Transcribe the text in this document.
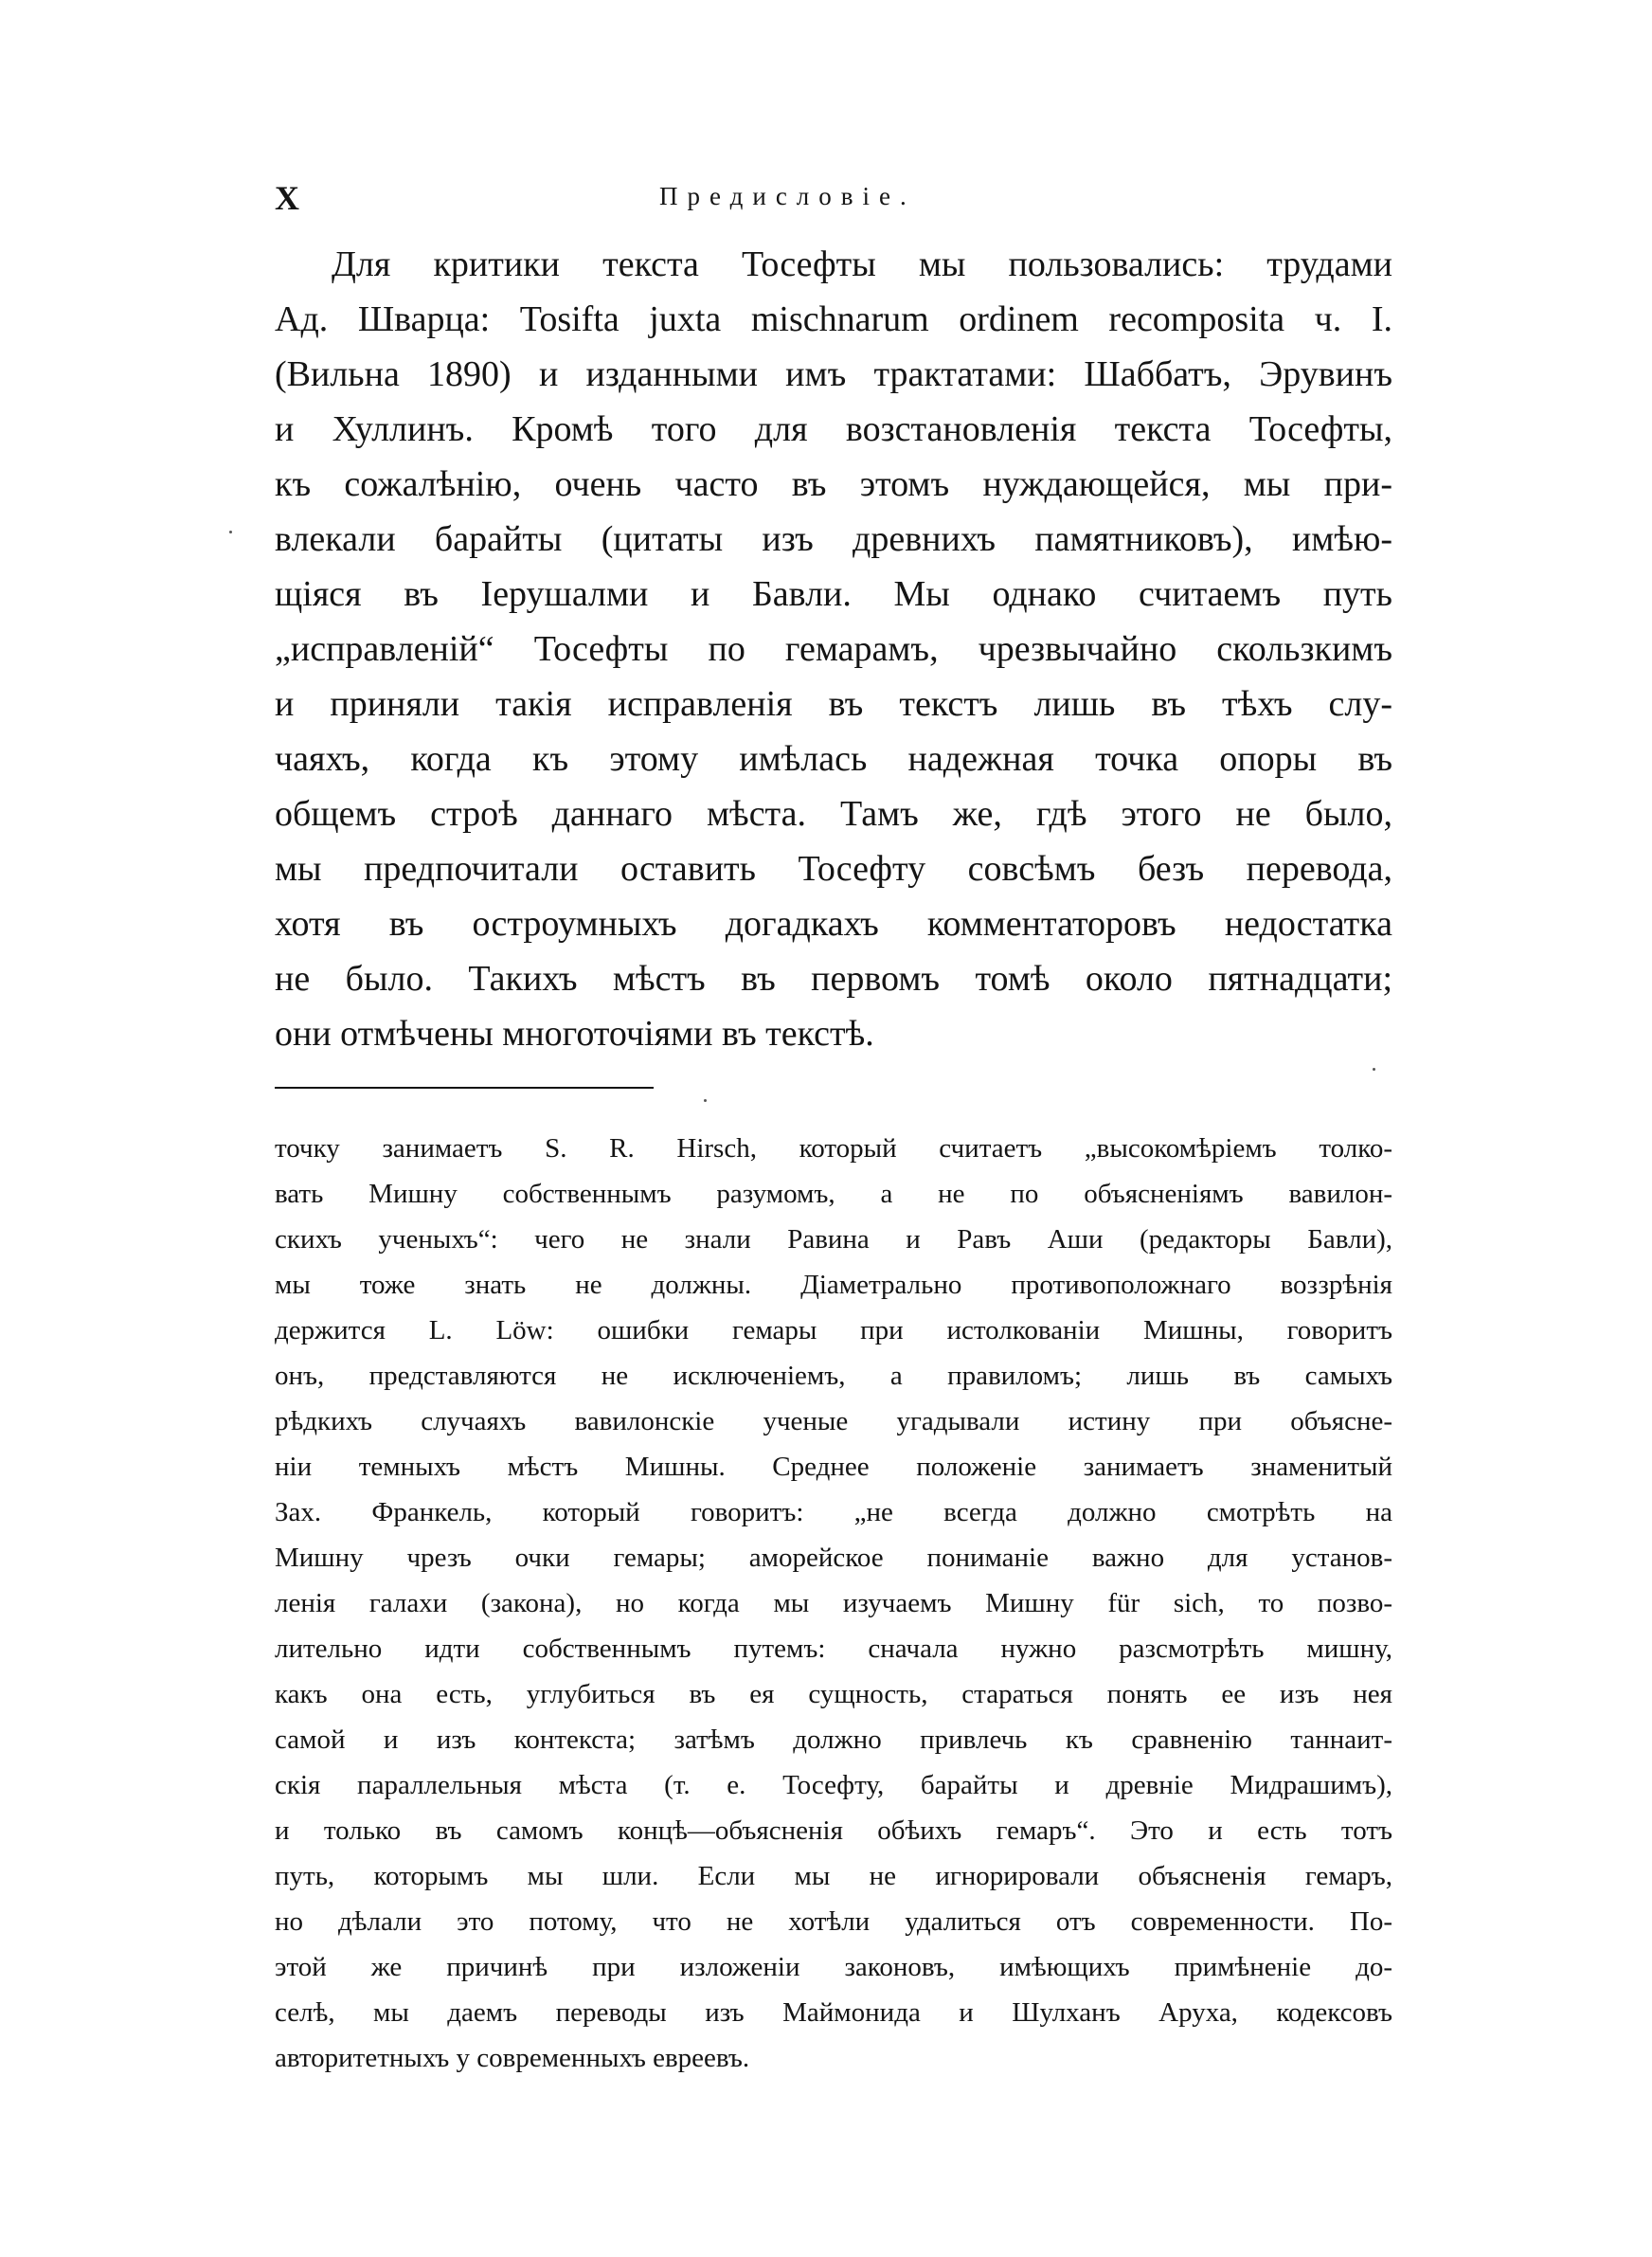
X	Предисловіе.
Для критики текста Тосефты мы пользовались: трудами
Ад. Шварца: Tosifta juxta mischnarum ordinem recomposita ч. I.
(Вильна 1890) и изданными имъ трактатами: Шаббатъ, Эрувинъ
и Хуллинъ. Кромѣ того для возстановленія текста Тосефты,
къ сожалѣнію, очень часто въ этомъ нуждающейся, мы при-
влекали барайты (цитаты изъ древнихъ памятниковъ), имѣю-
щіяся въ Іерушалми и Бавли. Мы однако считаемъ путь
„исправленій“ Тосефты по гемарамъ, чрезвычайно скользкимъ
и приняли такія исправленія въ текстъ лишь въ тѣхъ слу-
чаяхъ, когда къ этому имѣлась надежная точка опоры въ
общемъ строѣ даннаго мѣста. Тамъ же, гдѣ этого не было,
мы предпочитали оставить Тосефту совсѣмъ безъ перевода,
хотя въ остроумныхъ догадкахъ комментаторовъ недостатка
не было. Такихъ мѣстъ въ первомъ томѣ около пятнадцати;
они отмѣчены многоточіями въ текстѣ.
точку занимаетъ S. R. Hirsch, который считаетъ „высокомѣріемъ толко-
вать Мишну собственнымъ разумомъ, а не по объясненіямъ вавилон-
скихъ ученыхъ“: чего не знали Равина и Равъ Аши (редакторы Бавли),
мы тоже знать не должны. Діаметрально противоположнаго воззрѣнія
держится L. Löw: ошибки гемары при истолкованіи Мишны, говоритъ
онъ, представляются не исключеніемъ, а правиломъ; лишь въ самыхъ
рѣдкихъ случаяхъ вавилонскіе ученые угадывали истину при объясне-
ніи темныхъ мѣстъ Мишны. Среднее положеніе занимаетъ знаменитый
Зах. Франкель, который говоритъ: „не всегда должно смотрѣть на
Мишну чрезъ очки гемары; аморейское пониманіе важно для установ-
ленія галахи (закона), но когда мы изучаемъ Мишну für sich, то позво-
лительно идти собственнымъ путемъ: сначала нужно разсмотрѣть мишну,
какъ она есть, углубиться въ ея сущность, стараться понять ее изъ нея
самой и изъ контекста; затѣмъ должно привлечь къ сравненію таннаит-
скія параллельныя мѣста (т. е. Тосефту, барайты и древніе Мидрашимъ),
и только въ самомъ концѣ—объясненія обѣихъ гемаръ“. Это и есть тотъ
путь, которымъ мы шли. Если мы не игнорировали объясненія гемаръ,
но дѣлали это потому, что не хотѣли удалиться отъ современности. По-
этой же причинѣ при изложеніи законовъ, имѣющихъ примѣненіе до-
селѣ, мы даемъ переводы изъ Маймонида и Шулханъ Аруха, кодексовъ
авторитетныхъ у современныхъ евреевъ.
